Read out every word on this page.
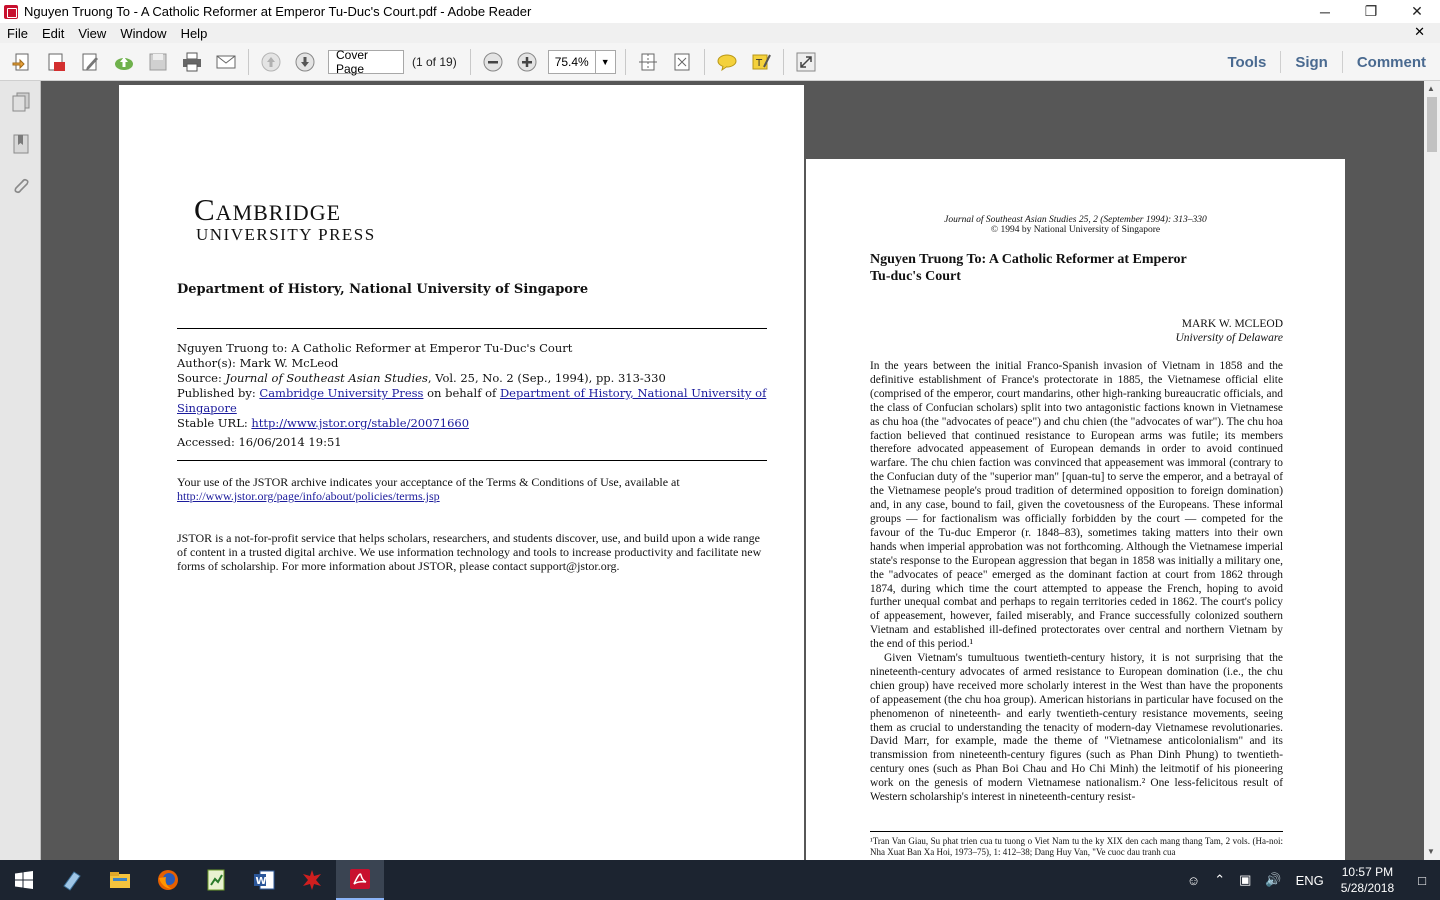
Nguyen Truong To - A Catholic Reformer at Emperor Tu-Duc's Court.pdf - Adobe Reader	─	❐	✕
File	Edit	View	Window	Help	✕
Cover Page	(1 of 19)	75.4%	▼	T	Tools	Sign	Comment
Cambridge
UNIVERSITY PRESS
Department of History, National University of Singapore
Nguyen Truong to: A Catholic Reformer at Emperor Tu-Duc's Court
Author(s): Mark W. McLeod
Source: Journal of Southeast Asian Studies, Vol. 25, No. 2 (Sep., 1994), pp. 313-330
Published by: Cambridge University Press on behalf of Department of History, National University of Singapore
Stable URL: http://www.jstor.org/stable/20071660
Accessed: 16/06/2014 19:51
Your use of the JSTOR archive indicates your acceptance of the Terms & Conditions of Use, available at
http://www.jstor.org/page/info/about/policies/terms.jsp
JSTOR is a not-for-profit service that helps scholars, researchers, and students discover, use, and build upon a wide range of content in a trusted digital archive. We use information technology and tools to increase productivity and facilitate new forms of scholarship. For more information about JSTOR, please contact support@jstor.org.
Journal of Southeast Asian Studies 25, 2 (September 1994): 313–330
© 1994 by National University of Singapore
Nguyen Truong To: A Catholic Reformer at Emperor Tu-duc's Court
MARK W. MCLEOD
University of Delaware

In the years between the initial Franco-Spanish invasion of Vietnam in 1858 and the definitive establishment of France's protectorate in 1885, the Vietnamese official elite (comprised of the emperor, court mandarins, other high-ranking bureaucratic officials, and the class of Confucian scholars) split into two antagonistic factions known in Vietnamese as chu hoa (the "advocates of peace") and chu chien (the "advocates of war"). The chu hoa faction believed that continued resistance to European arms was futile; its members therefore advocated appeasement of European demands in order to avoid continued warfare. The chu chien faction was convinced that appeasement was immoral (contrary to the Confucian duty of the "superior man" [quan-tu] to serve the emperor, and a betrayal of the Vietnamese people's proud tradition of determined opposition to foreign domination) and, in any case, bound to fail, given the covetousness of the Europeans. These informal groups — for factionalism was officially forbidden by the court — competed for the favour of the Tu-duc Emperor (r. 1848–83), sometimes taking matters into their own hands when imperial approbation was not forthcoming. Although the Vietnamese imperial state's response to the European aggression that began in 1858 was initially a military one, the "advocates of peace" emerged as the dominant faction at court from 1862 through 1874, during which time the court attempted to appease the French, hoping to avoid further unequal combat and perhaps to regain territories ceded in 1862. The court's policy of appeasement, however, failed miserably, and France successfully colonized southern Vietnam and established ill-defined protectorates over central and northern Vietnam by the end of this period.¹

Given Vietnam's tumultuous twentieth-century history, it is not surprising that the nineteenth-century advocates of armed resistance to European domination (i.e., the chu chien group) have received more scholarly interest in the West than have the proponents of appeasement (the chu hoa group). American historians in particular have focused on the phenomenon of nineteenth- and early twentieth-century resistance movements, seeing them as crucial to understanding the tenacity of modern-day Vietnamese revolutionaries. David Marr, for example, made the theme of "Vietnamese anticolonialism" and its transmission from nineteenth-century figures (such as Phan Dinh Phung) to twentieth-century ones (such as Phan Boi Chau and Ho Chi Minh) the leitmotif of his pioneering work on the genesis of modern Vietnamese nationalism.² One less-felicitous result of Western scholarship's interest in nineteenth-century resist-

¹Tran Van Giau, Su phat trien cua tu tuong o Viet Nam tu the ky XIX den cach mang thang Tam, 2 vols. (Ha-noi: Nha Xuat Ban Xa Hoi, 1973–75), 1: 412–38; Dang Huy Van, "Ve cuoc dau tranh cua
▲
▼
W	☺	⌃	▣	🔊	ENG
10:57 PM
5/28/2018
□
